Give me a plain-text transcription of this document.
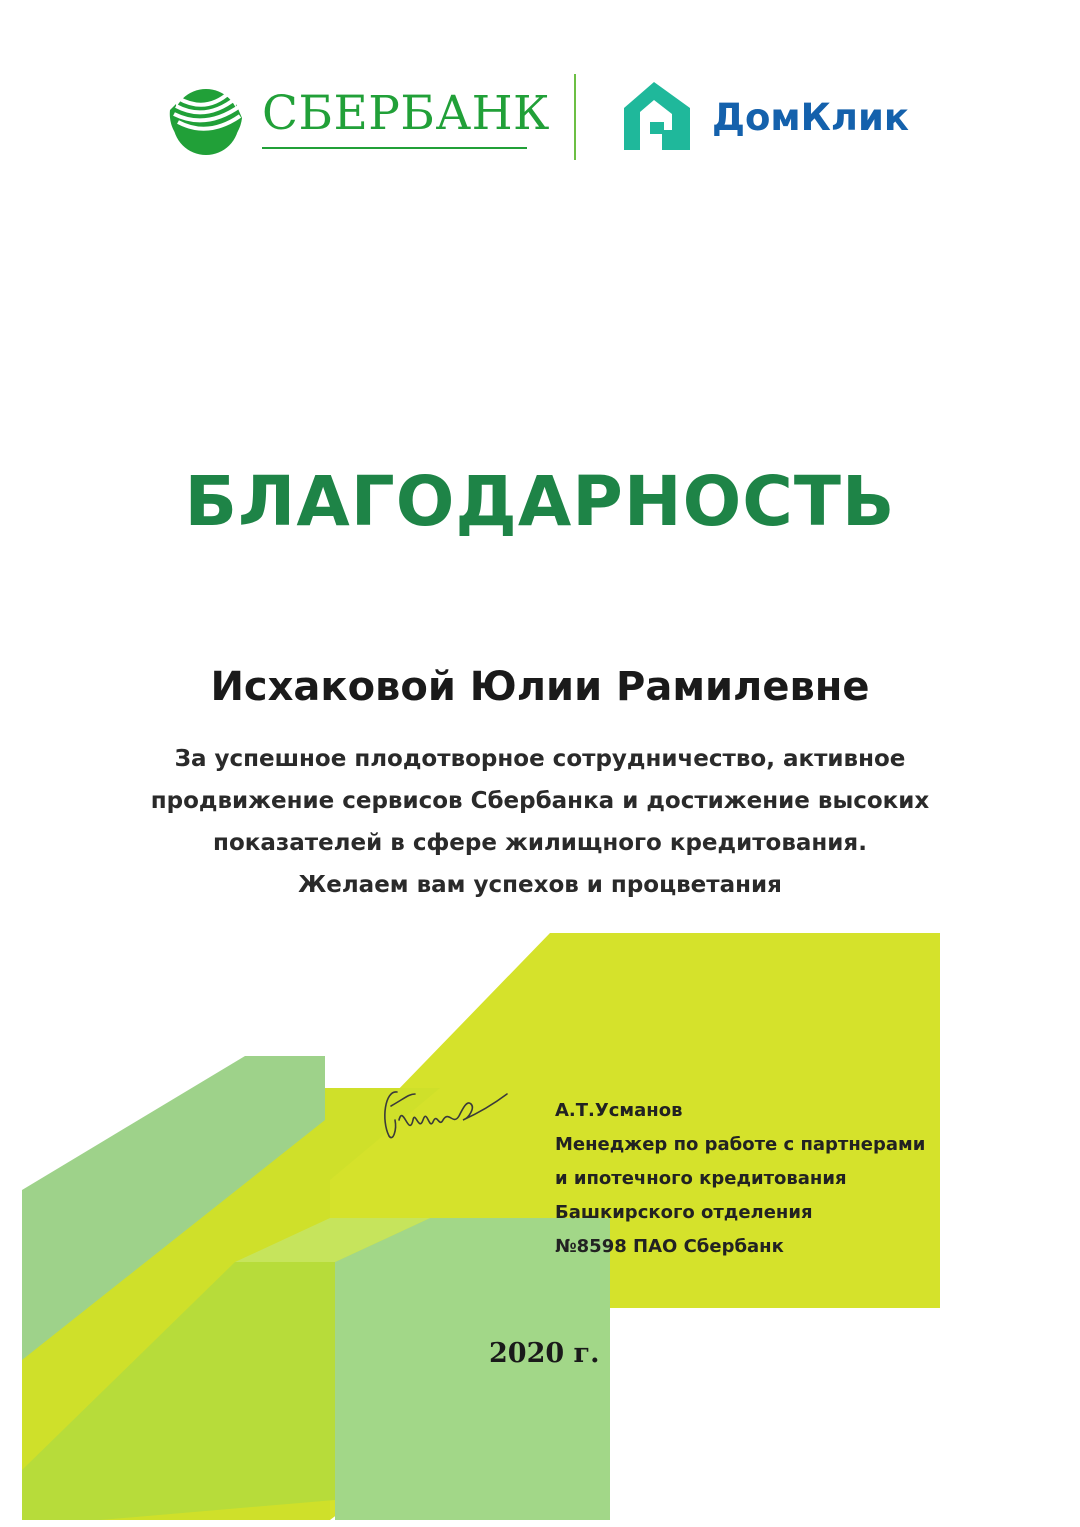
СБЕРБАНК	ДомКлик
БЛАГОДАРНОСТЬ
Исхаковой Юлии Рамилевне
За успешное плодотворное сотрудничество, активное
продвижение сервисов Сбербанка и достижение высоких
показателей в сфере жилищного кредитования.
Желаем вам успехов и процветания
А.Т.Усманов
Менеджер по работе с партнерами
и ипотечного кредитования
Башкирского отделения
№8598 ПАО Сбербанк
2020 г.
